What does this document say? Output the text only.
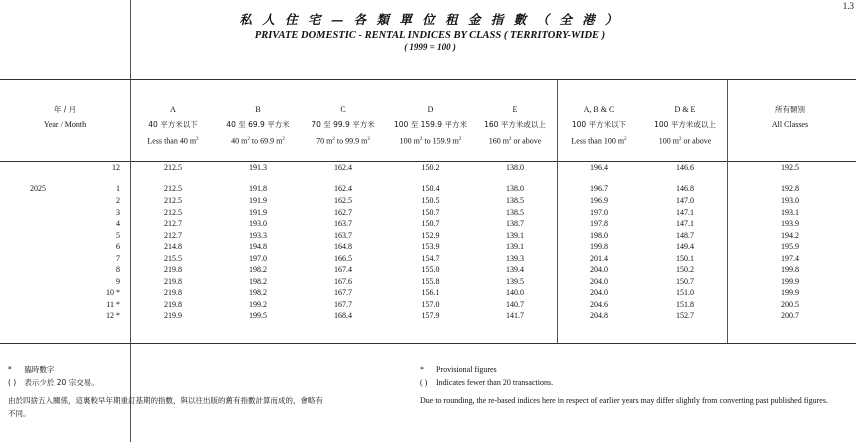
1.3
私 人 住 宅 — 各 類 單 位 租 金 指 數 （ 全 港 ）
PRIVATE DOMESTIC - RENTAL INDICES BY CLASS ( TERRITORY-WIDE )
( 1999 = 100 )
年 / 月
Year / Month
A
40 平方米以下
Less than 40 $m^2$
B
40 至 69.9 平方米
40 $m^2$ to 69.9 $m^2$
C
70 至 99.9 平方米
70 $m^2$ to 99.9 $m^2$
D
100 至 159.9 平方米
100 $m^2$ to 159.9 $m^2$
E
160 平方米或以上
160 $m^2$ or above
A, B & C
100 平方米以下
Less than 100 $m^2$
D & E
100 平方米或以上
100 $m^2$ or above
所有類別
All Classes
12	212.5	191.3	162.4	150.2	138.0	196.4	146.6	192.5
2025	1	212.5	191.8	162.4	150.4	138.0	196.7	146.8	192.8
2	212.5	191.9	162.5	150.5	138.5	196.9	147.0	193.0
3	212.5	191.9	162.7	150.7	138.5	197.0	147.1	193.1
4	212.7	193.0	163.7	150.7	138.7	197.8	147.1	193.9
5	212.7	193.3	163.7	152.9	139.1	198.0	148.7	194.2
6	214.8	194.8	164.8	153.9	139.1	199.8	149.4	195.9
7	215.5	197.0	166.5	154.7	139.3	201.4	150.1	197.4
8	219.8	198.2	167.4	155.0	139.4	204.0	150.2	199.8
9	219.8	198.2	167.6	155.8	139.5	204.0	150.7	199.9
10 *	219.8	198.2	167.7	156.1	140.0	204.0	151.0	199.9
11 *	219.8	199.2	167.7	157.0	140.7	204.6	151.8	200.5
12 *	219.9	199.5	168.4	157.9	141.7	204.8	152.7	200.7
* 臨時數字
( ) 表示少於 20 宗交易。
由於四捨五入關係，這裏較早年期重訂基期的指數，與以往出版的舊有指數計算而成的，會略有不同。
* Provisional figures
( ) Indicates fewer than 20 transactions.
Due to rounding, the re-based indices here in respect of earlier years may differ slightly from converting past published figures.
